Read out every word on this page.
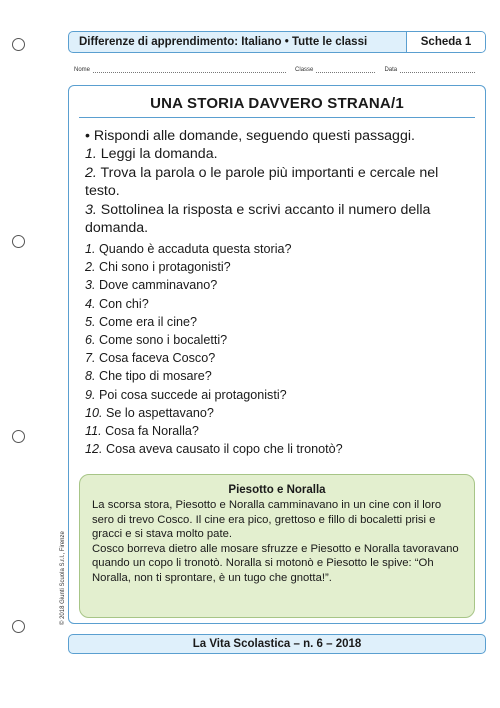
Differenze di apprendimento: Italiano • Tutte le classi	Scheda 1
Nome	Classe	Data
UNA STORIA DAVVERO STRANA/1

• Rispondi alle domande, seguendo questi passaggi.

1. Leggi la domanda.

2. Trova la parola o le parole più importanti e cercale nel testo.

3. Sottolinea la risposta e scrivi accanto il numero della domanda.

1. Quando è accaduta questa storia?

2. Chi sono i protagonisti?

3. Dove camminavano?

4. Con chi?

5. Come era il cine?

6. Come sono i bocaletti?

7. Cosa faceva Cosco?

8. Che tipo di mosare?

9. Poi cosa succede ai protagonisti?

10. Se lo aspettavano?

11. Cosa fa Noralla?

12. Cosa aveva causato il copo che li tronotò?

Piesotto e Noralla
La scorsa stora, Piesotto e Noralla camminavano in un cine con il loro sero di trevo Cosco. Il cine era pico, grettoso e fillo di bocaletti prisi e gracci e si stava molto pate.
Cosco borreva dietro alle mosare sfruzze e Piesotto e Noralla tavoravano quando un copo li tronotò. Noralla si motonò e Piesotto le spive: “Oh Noralla, non ti sprontare, è un tugo che gnotta!”.
© 2018 Giunti Scuola S.r.l., Firenze
La Vita Scolastica – n. 6 – 2018
